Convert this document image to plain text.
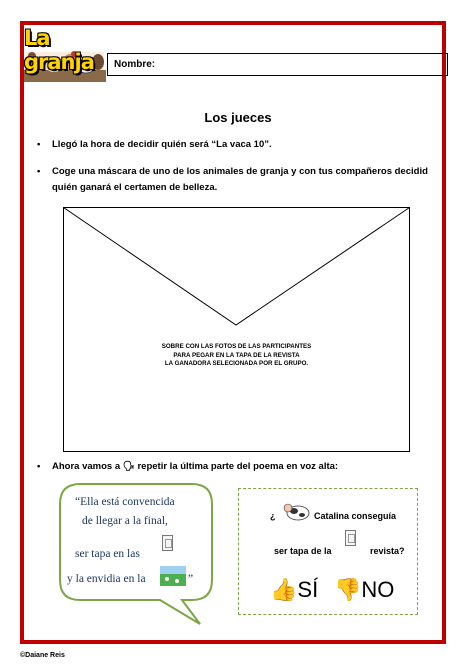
La granja	Nombre:
Los jueces
• Llegó la hora de decidir quién será “La vaca 10”.
• Coge una máscara de uno de los animales de granja y con tus compañeros decidid
quién ganará el certamen de belleza.
SOBRE CON LAS FOTOS DE LAS PARTICIPANTES
PARA PEGAR EN LA TAPA DE LA REVISTA
LA GANADORA SELECIONADA POR EL GRUPO.
• Ahora vamos a 🗣 repetir la última parte del poema en voz alta:
“Ella está convencida
de llegar a la final,
ser tapa en las
y la envidia en la	”
¿	Catalina conseguía
ser tapa de la	revista?
👍SÍ 👎NO
©Daiane Reis
